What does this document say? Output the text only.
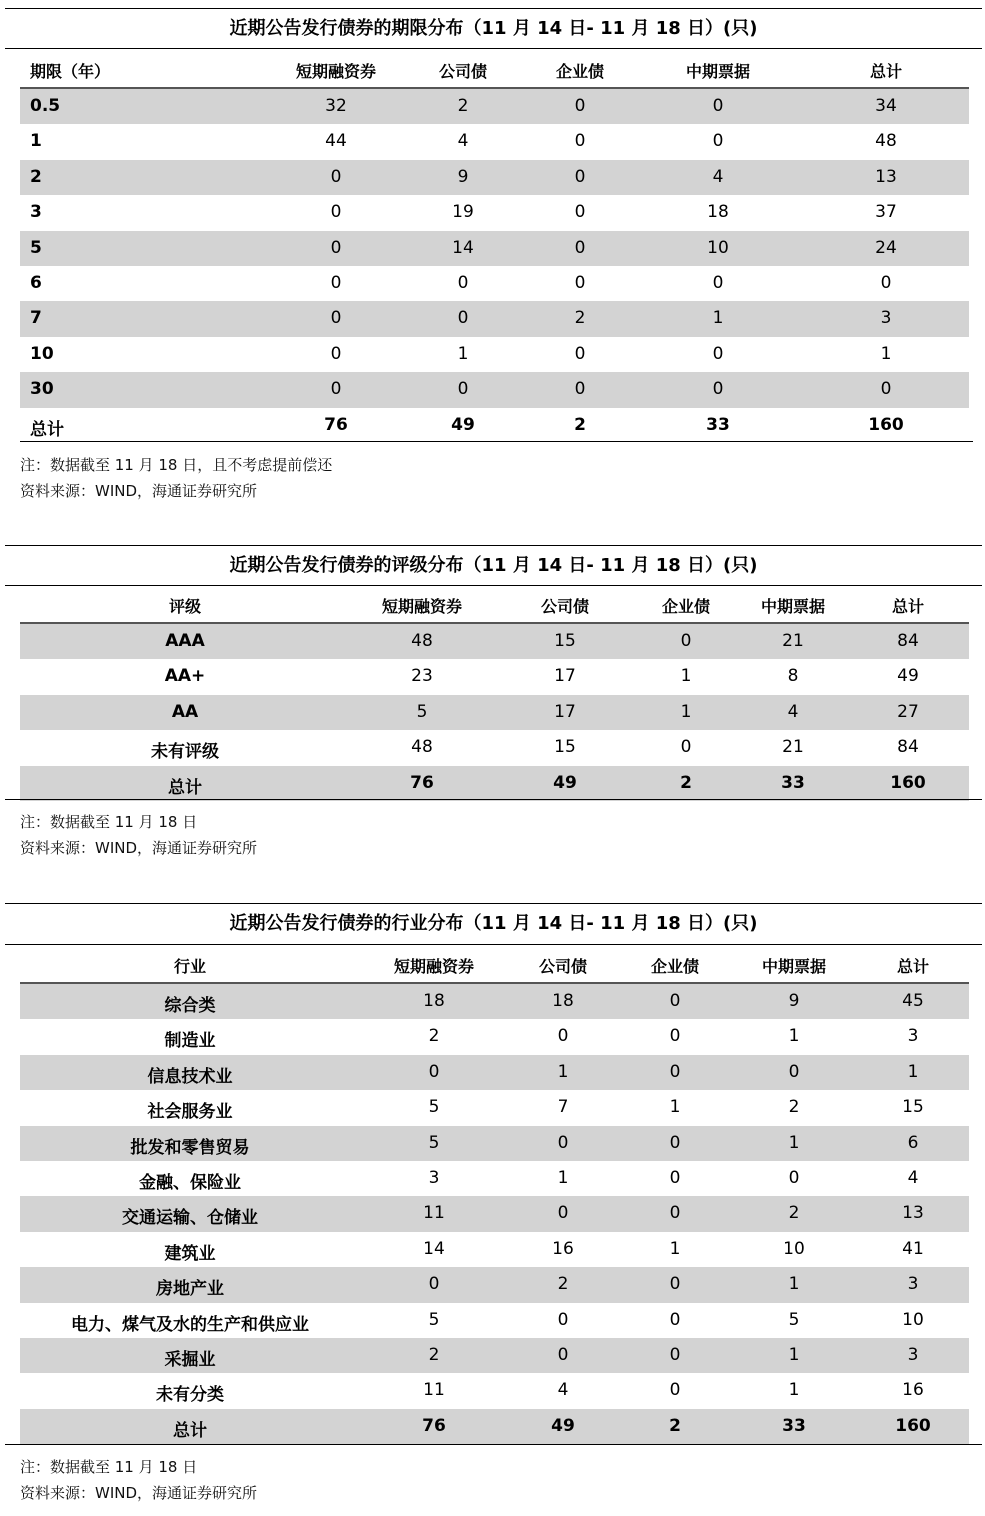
近期公告发行债券的期限分布（11 月 14 日- 11 月 18 日）(只)
期限（年）	短期融资券	公司债	企业债	中期票据	总计
0.5	32	2	0	0	34
1	44	4	0	0	48
2	0	9	0	4	13
3	0	19	0	18	37
5	0	14	0	10	24
6	0	0	0	0	0
7	0	0	2	1	3
10	0	1	0	0	1
30	0	0	0	0	0
总计	76	49	2	33	160
注：数据截至 11 月 18 日，且不考虑提前偿还
资料来源：WIND，海通证券研究所
近期公告发行债券的评级分布（11 月 14 日- 11 月 18 日）(只)
评级	短期融资券	公司债	企业债	中期票据	总计
AAA	48	15	0	21	84
AA+	23	17	1	8	49
AA	5	17	1	4	27
未有评级	48	15	0	21	84
总计	76	49	2	33	160
注：数据截至 11 月 18 日
资料来源：WIND，海通证券研究所
近期公告发行债券的行业分布（11 月 14 日- 11 月 18 日）(只)
行业	短期融资券	公司债	企业债	中期票据	总计
综合类	18	18	0	9	45
制造业	2	0	0	1	3
信息技术业	0	1	0	0	1
社会服务业	5	7	1	2	15
批发和零售贸易	5	0	0	1	6
金融、保险业	3	1	0	0	4
交通运输、仓储业	11	0	0	2	13
建筑业	14	16	1	10	41
房地产业	0	2	0	1	3
电力、煤气及水的生产和供应业	5	0	0	5	10
采掘业	2	0	0	1	3
未有分类	11	4	0	1	16
总计	76	49	2	33	160
注：数据截至 11 月 18 日
资料来源：WIND，海通证券研究所
